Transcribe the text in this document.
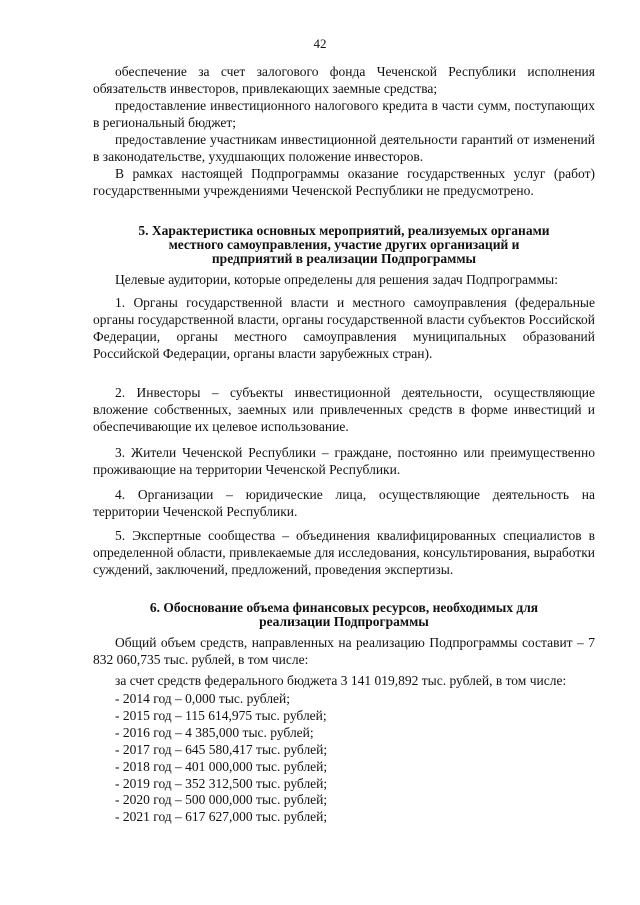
42

обеспечение за счет залогового фонда Чеченской Республики исполнения обязательств инвесторов, привлекающих заемные средства;

предоставление инвестиционного налогового кредита в части сумм, поступающих в региональный бюджет;

предоставление участникам инвестиционной деятельности гарантий от изменений в законодательстве, ухудшающих положение инвесторов.

В рамках настоящей Подпрограммы оказание государственных услуг (работ) государственными учреждениями Чеченской Республики не предусмотрено.

5. Характеристика основных мероприятий, реализуемых органами

местного самоуправления, участие других организаций и

предприятий в реализации Подпрограммы

Целевые аудитории, которые определены для решения задач Подпрограммы:

1. Органы государственной власти и местного самоуправления (федеральные органы государственной власти, органы государственной власти субъектов Российской Федерации, органы местного самоуправления муниципальных образований Российской Федерации, органы власти зарубежных стран).

2. Инвесторы – субъекты инвестиционной деятельности, осуществляющие вложение собственных, заемных или привлеченных средств в форме инвестиций и обеспечивающие их целевое использование.

3. Жители Чеченской Республики – граждане, постоянно или преимущественно проживающие на территории Чеченской Республики.

4. Организации – юридические лица, осуществляющие деятельность на территории Чеченской Республики.

5. Экспертные сообщества – объединения квалифицированных специалистов в определенной области, привлекаемые для исследования, консультирования, выработки суждений, заключений, предложений, проведения экспертизы.

6. Обоснование объема финансовых ресурсов, необходимых для

реализации Подпрограммы

Общий объем средств, направленных на реализацию Подпрограммы составит – 7 832 060,735 тыс. рублей, в том числе:

за счет средств федерального бюджета 3 141 019,892 тыс. рублей, в том числе:

- 2014 год – 0,000 тыс. рублей;
- 2015 год – 115 614,975 тыс. рублей;
- 2016 год – 4 385,000 тыс. рублей;
- 2017 год – 645 580,417 тыс. рублей;
- 2018 год – 401 000,000 тыс. рублей;
- 2019 год – 352 312,500 тыс. рублей;
- 2020 год – 500 000,000 тыс. рублей;
- 2021 год – 617 627,000 тыс. рублей;
